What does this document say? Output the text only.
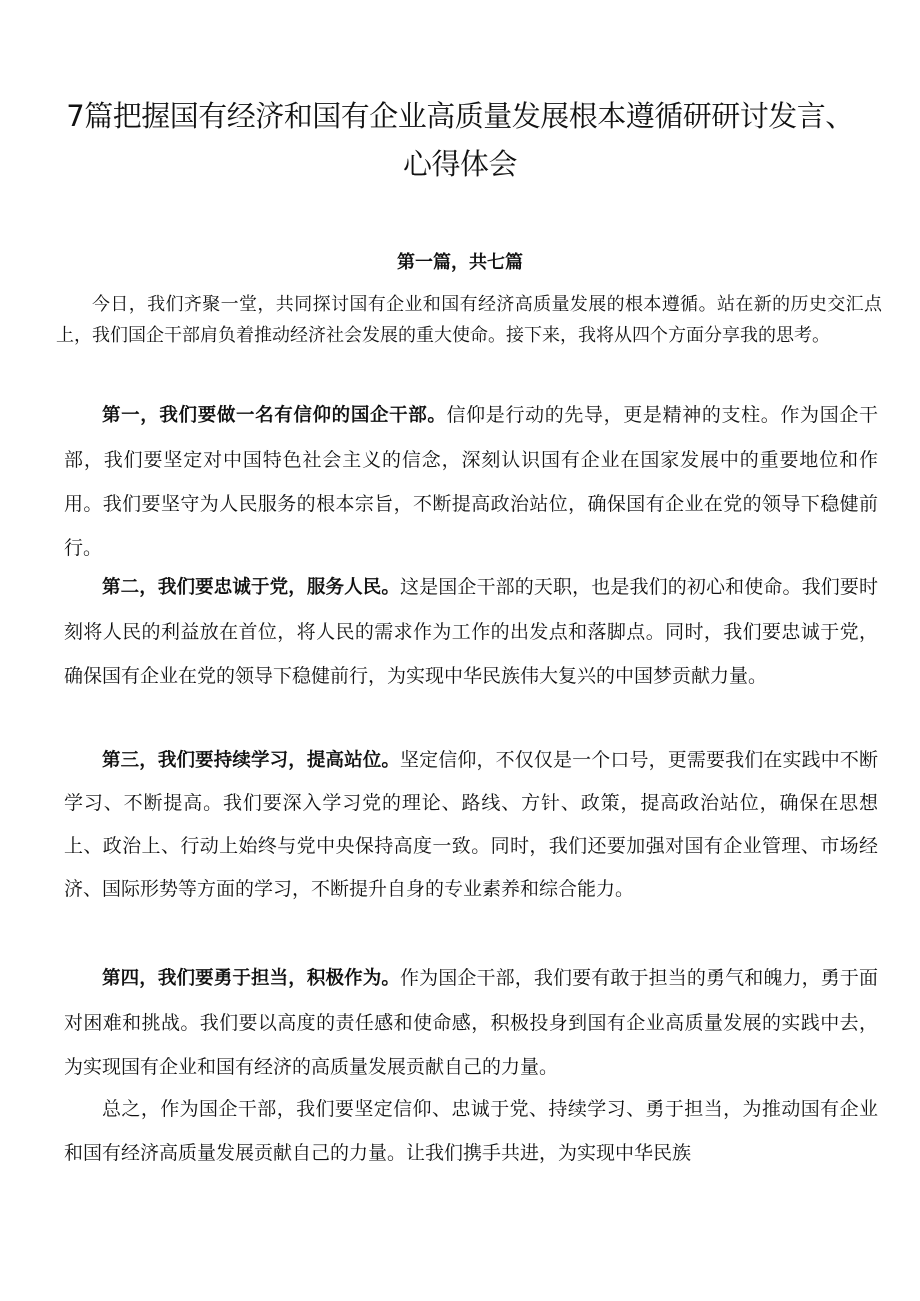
7篇把握国有经济和国有企业高质量发展根本遵循研研讨发言、心得体会
第一篇，共七篇

今日，我们齐聚一堂，共同探讨国有企业和国有经济高质量发展的根本遵循。站在新的历史交汇点上，我们国企干部肩负着推动经济社会发展的重大使命。接下来，我将从四个方面分享我的思考。

第一，我们要做一名有信仰的国企干部。信仰是行动的先导，更是精神的支柱。作为国企干部，我们要坚定对中国特色社会主义的信念，深刻认识国有企业在国家发展中的重要地位和作用。我们要坚守为人民服务的根本宗旨，不断提高政治站位，确保国有企业在党的领导下稳健前行。

第二，我们要忠诚于党，服务人民。这是国企干部的天职，也是我们的初心和使命。我们要时刻将人民的利益放在首位，将人民的需求作为工作的出发点和落脚点。同时，我们要忠诚于党，确保国有企业在党的领导下稳健前行，为实现中华民族伟大复兴的中国梦贡献力量。

第三，我们要持续学习，提高站位。坚定信仰，不仅仅是一个口号，更需要我们在实践中不断学习、不断提高。我们要深入学习党的理论、路线、方针、政策，提高政治站位，确保在思想上、政治上、行动上始终与党中央保持高度一致。同时，我们还要加强对国有企业管理、市场经济、国际形势等方面的学习，不断提升自身的专业素养和综合能力。

第四，我们要勇于担当，积极作为。作为国企干部，我们要有敢于担当的勇气和魄力，勇于面对困难和挑战。我们要以高度的责任感和使命感，积极投身到国有企业高质量发展的实践中去，为实现国有企业和国有经济的高质量发展贡献自己的力量。

总之，作为国企干部，我们要坚定信仰、忠诚于党、持续学习、勇于担当，为推动国有企业和国有经济高质量发展贡献自己的力量。让我们携手共进，为实现中华民族
